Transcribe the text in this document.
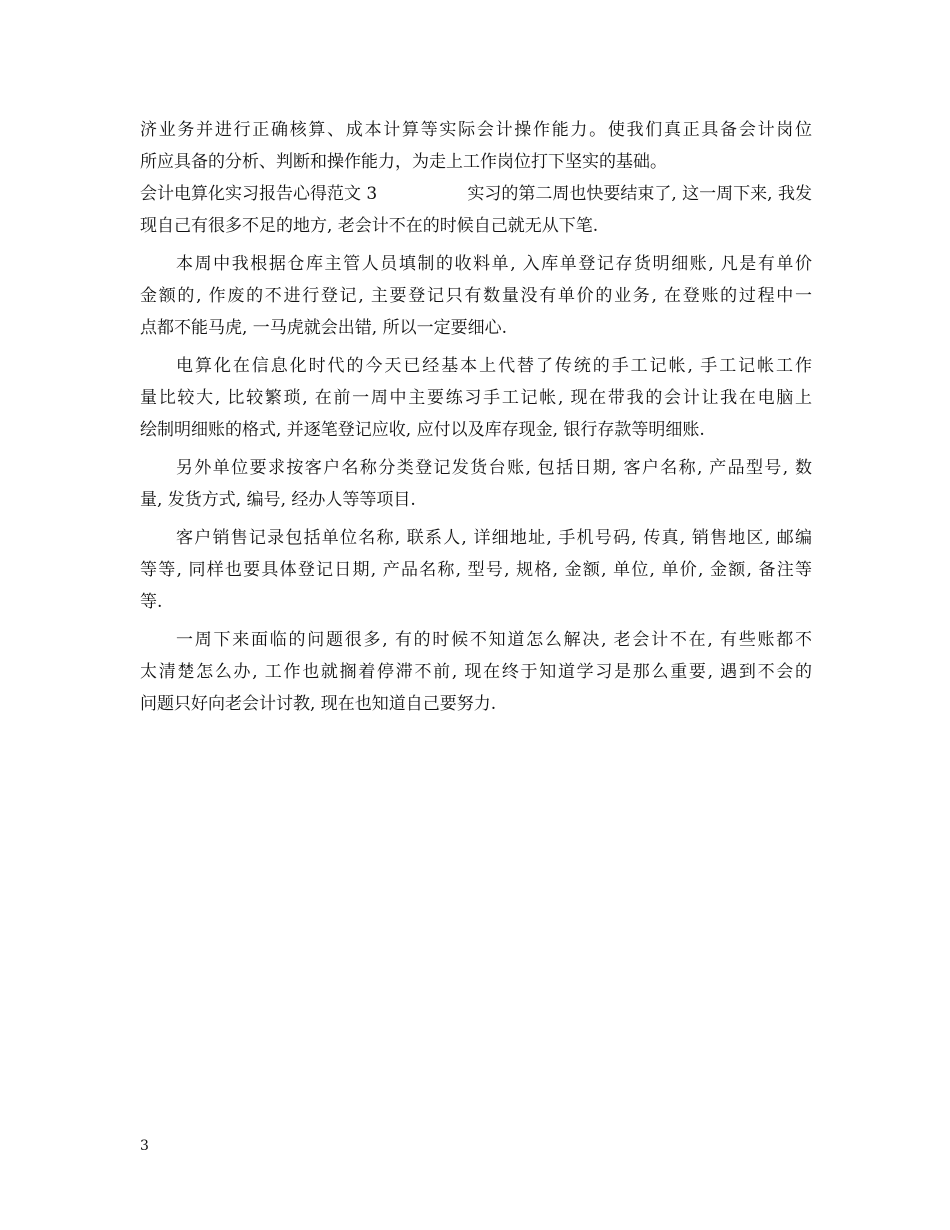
济业务并进行正确核算、成本计算等实际会计操作能力。使我们真正具备会计岗位
所应具备的分析、判断和操作能力，为走上工作岗位打下坚实的基础。
会计电算化实习报告心得范文 3	实习的第二周也快要结束了, 这一周下来, 我发
现自己有很多不足的地方, 老会计不在的时候自己就无从下笔.
本周中我根据仓库主管人员填制的收料单, 入库单登记存货明细账, 凡是有单价
金额的, 作废的不进行登记, 主要登记只有数量没有单价的业务, 在登账的过程中一
点都不能马虎, 一马虎就会出错, 所以一定要细心.
电算化在信息化时代的今天已经基本上代替了传统的手工记帐, 手工记帐工作
量比较大, 比较繁琐, 在前一周中主要练习手工记帐, 现在带我的会计让我在电脑上
绘制明细账的格式, 并逐笔登记应收, 应付以及库存现金, 银行存款等明细账.
另外单位要求按客户名称分类登记发货台账, 包括日期, 客户名称, 产品型号, 数
量, 发货方式, 编号, 经办人等等项目.
客户销售记录包括单位名称, 联系人, 详细地址, 手机号码, 传真, 销售地区, 邮编
等等, 同样也要具体登记日期, 产品名称, 型号, 规格, 金额, 单位, 单价, 金额, 备注等
等.
一周下来面临的问题很多, 有的时候不知道怎么解决, 老会计不在, 有些账都不
太清楚怎么办, 工作也就搁着停滞不前, 现在终于知道学习是那么重要, 遇到不会的
问题只好向老会计讨教, 现在也知道自己要努力.
3
